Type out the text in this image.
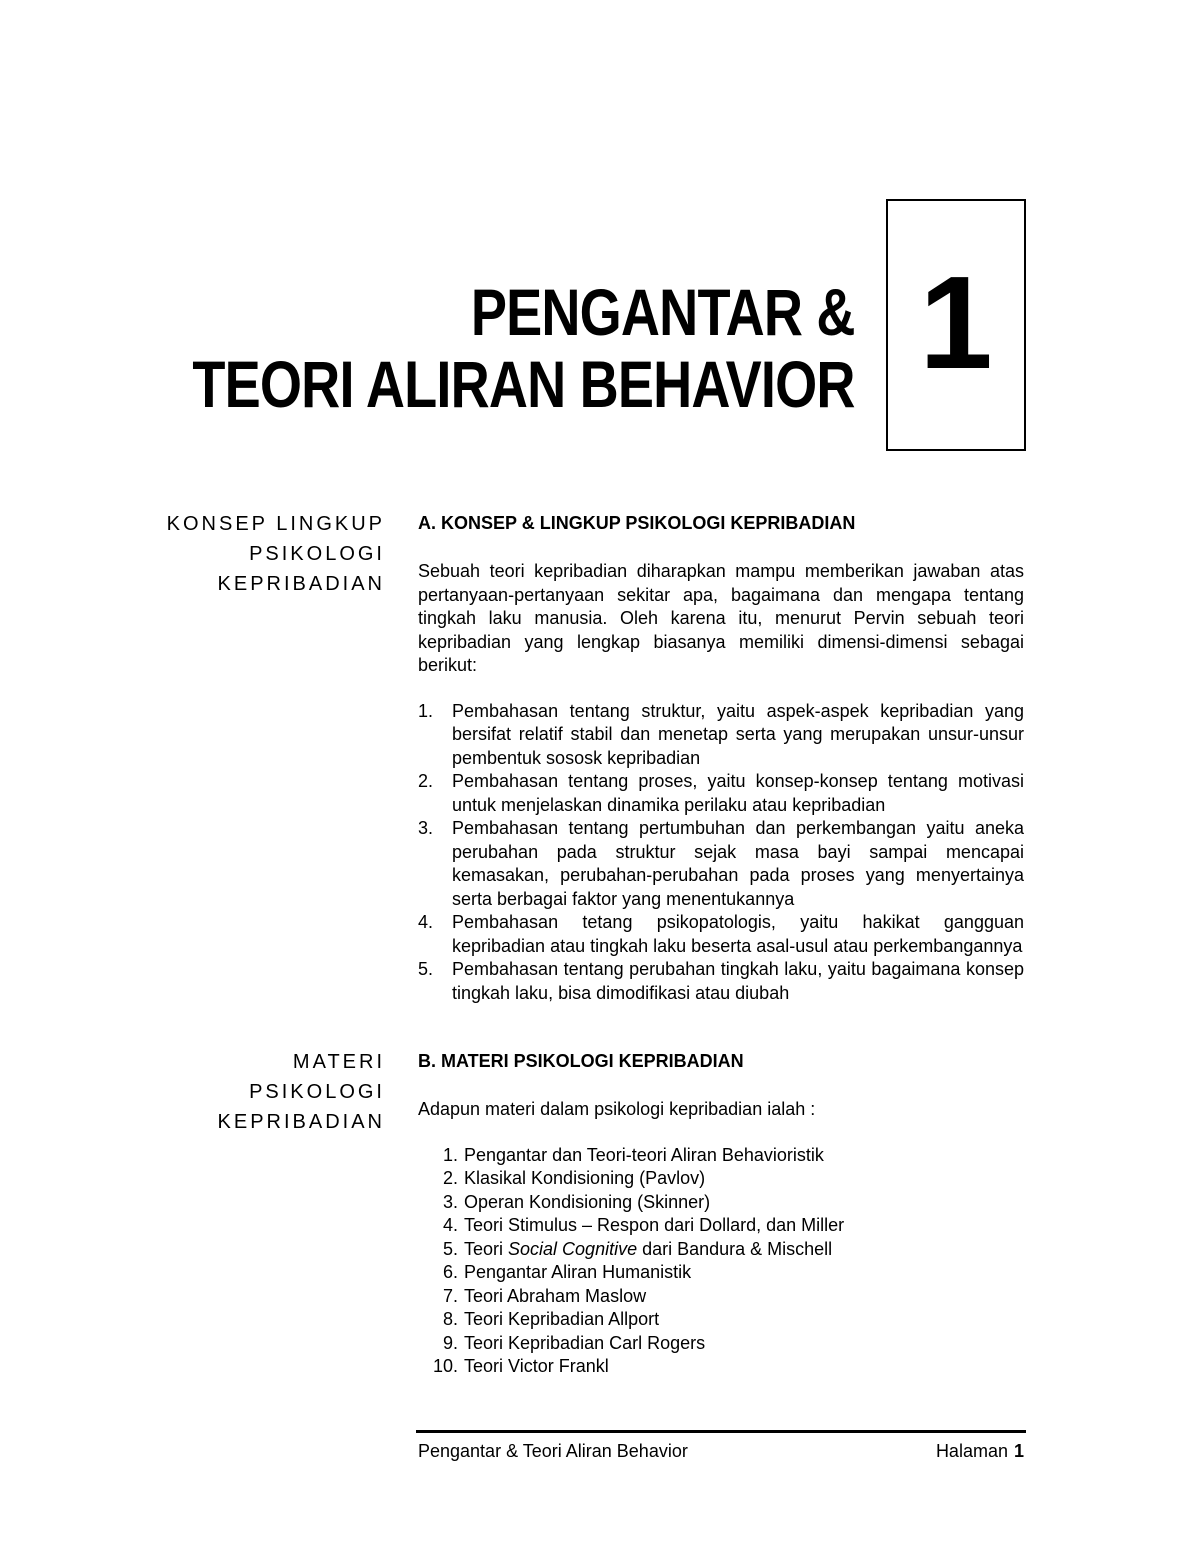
PENGANTAR &
TEORI ALIRAN BEHAVIOR 1
KONSEP LINGKUP
PSIKOLOGI
KEPRIBADIAN
A. KONSEP & LINGKUP PSIKOLOGI KEPRIBADIAN
Sebuah teori kepribadian diharapkan mampu memberikan jawaban atas pertanyaan-pertanyaan sekitar apa, bagaimana dan mengapa tentang tingkah laku manusia. Oleh karena itu, menurut Pervin sebuah teori kepribadian yang lengkap biasanya memiliki dimensi-dimensi sebagai berikut:
1. Pembahasan tentang struktur, yaitu aspek-aspek kepribadian yang bersifat relatif stabil dan menetap serta yang merupakan unsur-unsur pembentuk sososk kepribadian
2. Pembahasan tentang proses, yaitu konsep-konsep tentang motivasi untuk menjelaskan dinamika perilaku atau kepribadian
3. Pembahasan tentang pertumbuhan dan perkembangan yaitu aneka perubahan pada struktur sejak masa bayi sampai mencapai kemasakan, perubahan-perubahan pada proses yang menyertainya serta berbagai faktor yang menentukannya
4. Pembahasan tetang psikopatologis, yaitu hakikat gangguan kepribadian atau tingkah laku beserta asal-usul atau perkembangannya
5. Pembahasan tentang perubahan tingkah laku, yaitu bagaimana konsep tingkah laku, bisa dimodifikasi atau diubah
MATERI
PSIKOLOGI
KEPRIBADIAN
B. MATERI PSIKOLOGI KEPRIBADIAN
Adapun materi dalam psikologi kepribadian ialah :
1. Pengantar dan Teori-teori Aliran Behavioristik
2. Klasikal Kondisioning (Pavlov)
3. Operan Kondisioning (Skinner)
4. Teori Stimulus – Respon dari Dollard, dan Miller
5. Teori Social Cognitive dari Bandura & Mischell
6. Pengantar Aliran Humanistik
7. Teori Abraham Maslow
8. Teori Kepribadian Allport
9. Teori Kepribadian Carl Rogers
10. Teori Victor Frankl
Pengantar & Teori Aliran Behavior	Halaman 1
